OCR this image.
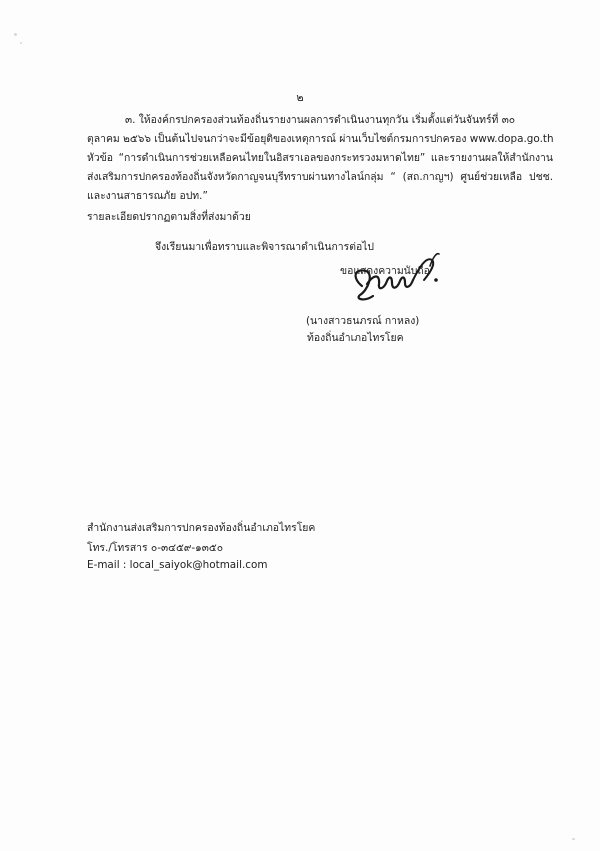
๒
๓. ให้องค์กรปกครองส่วนท้องถิ่นรายงานผลการดำเนินงานทุกวัน เริ่มตั้งแต่วันจันทร์ที่ ๓๐
ตุลาคม ๒๕๖๖ เป็นต้นไปจนกว่าจะมีข้อยุติของเหตุการณ์ ผ่านเว็บไซต์กรมการปกครอง www.dopa.go.th
หัวข้อ “การดำเนินการช่วยเหลือคนไทยในอิสราเอลของกระทรวงมหาดไทย” และรายงานผลให้สำนักงาน
ส่งเสริมการปกครองท้องถิ่นจังหวัดกาญจนบุรีทราบผ่านทางไลน์กลุ่ม “ (สถ.กาญฯ) ศูนย์ช่วยเหลือ ปชช.
และงานสาธารณภัย อปท.”
รายละเอียดปรากฏตามสิ่งที่ส่งมาด้วย
จึงเรียนมาเพื่อทราบและพิจารณาดำเนินการต่อไป
ขอแสดงความนับถือ
(นางสาวธนภรณ์ กาหลง)
ท้องถิ่นอำเภอไทรโยค
สำนักงานส่งเสริมการปกครองท้องถิ่นอำเภอไทรโยค
โทร./โทรสาร ๐-๓๔๕๙-๑๓๕๐
E-mail : local_saiyok@hotmail.com
